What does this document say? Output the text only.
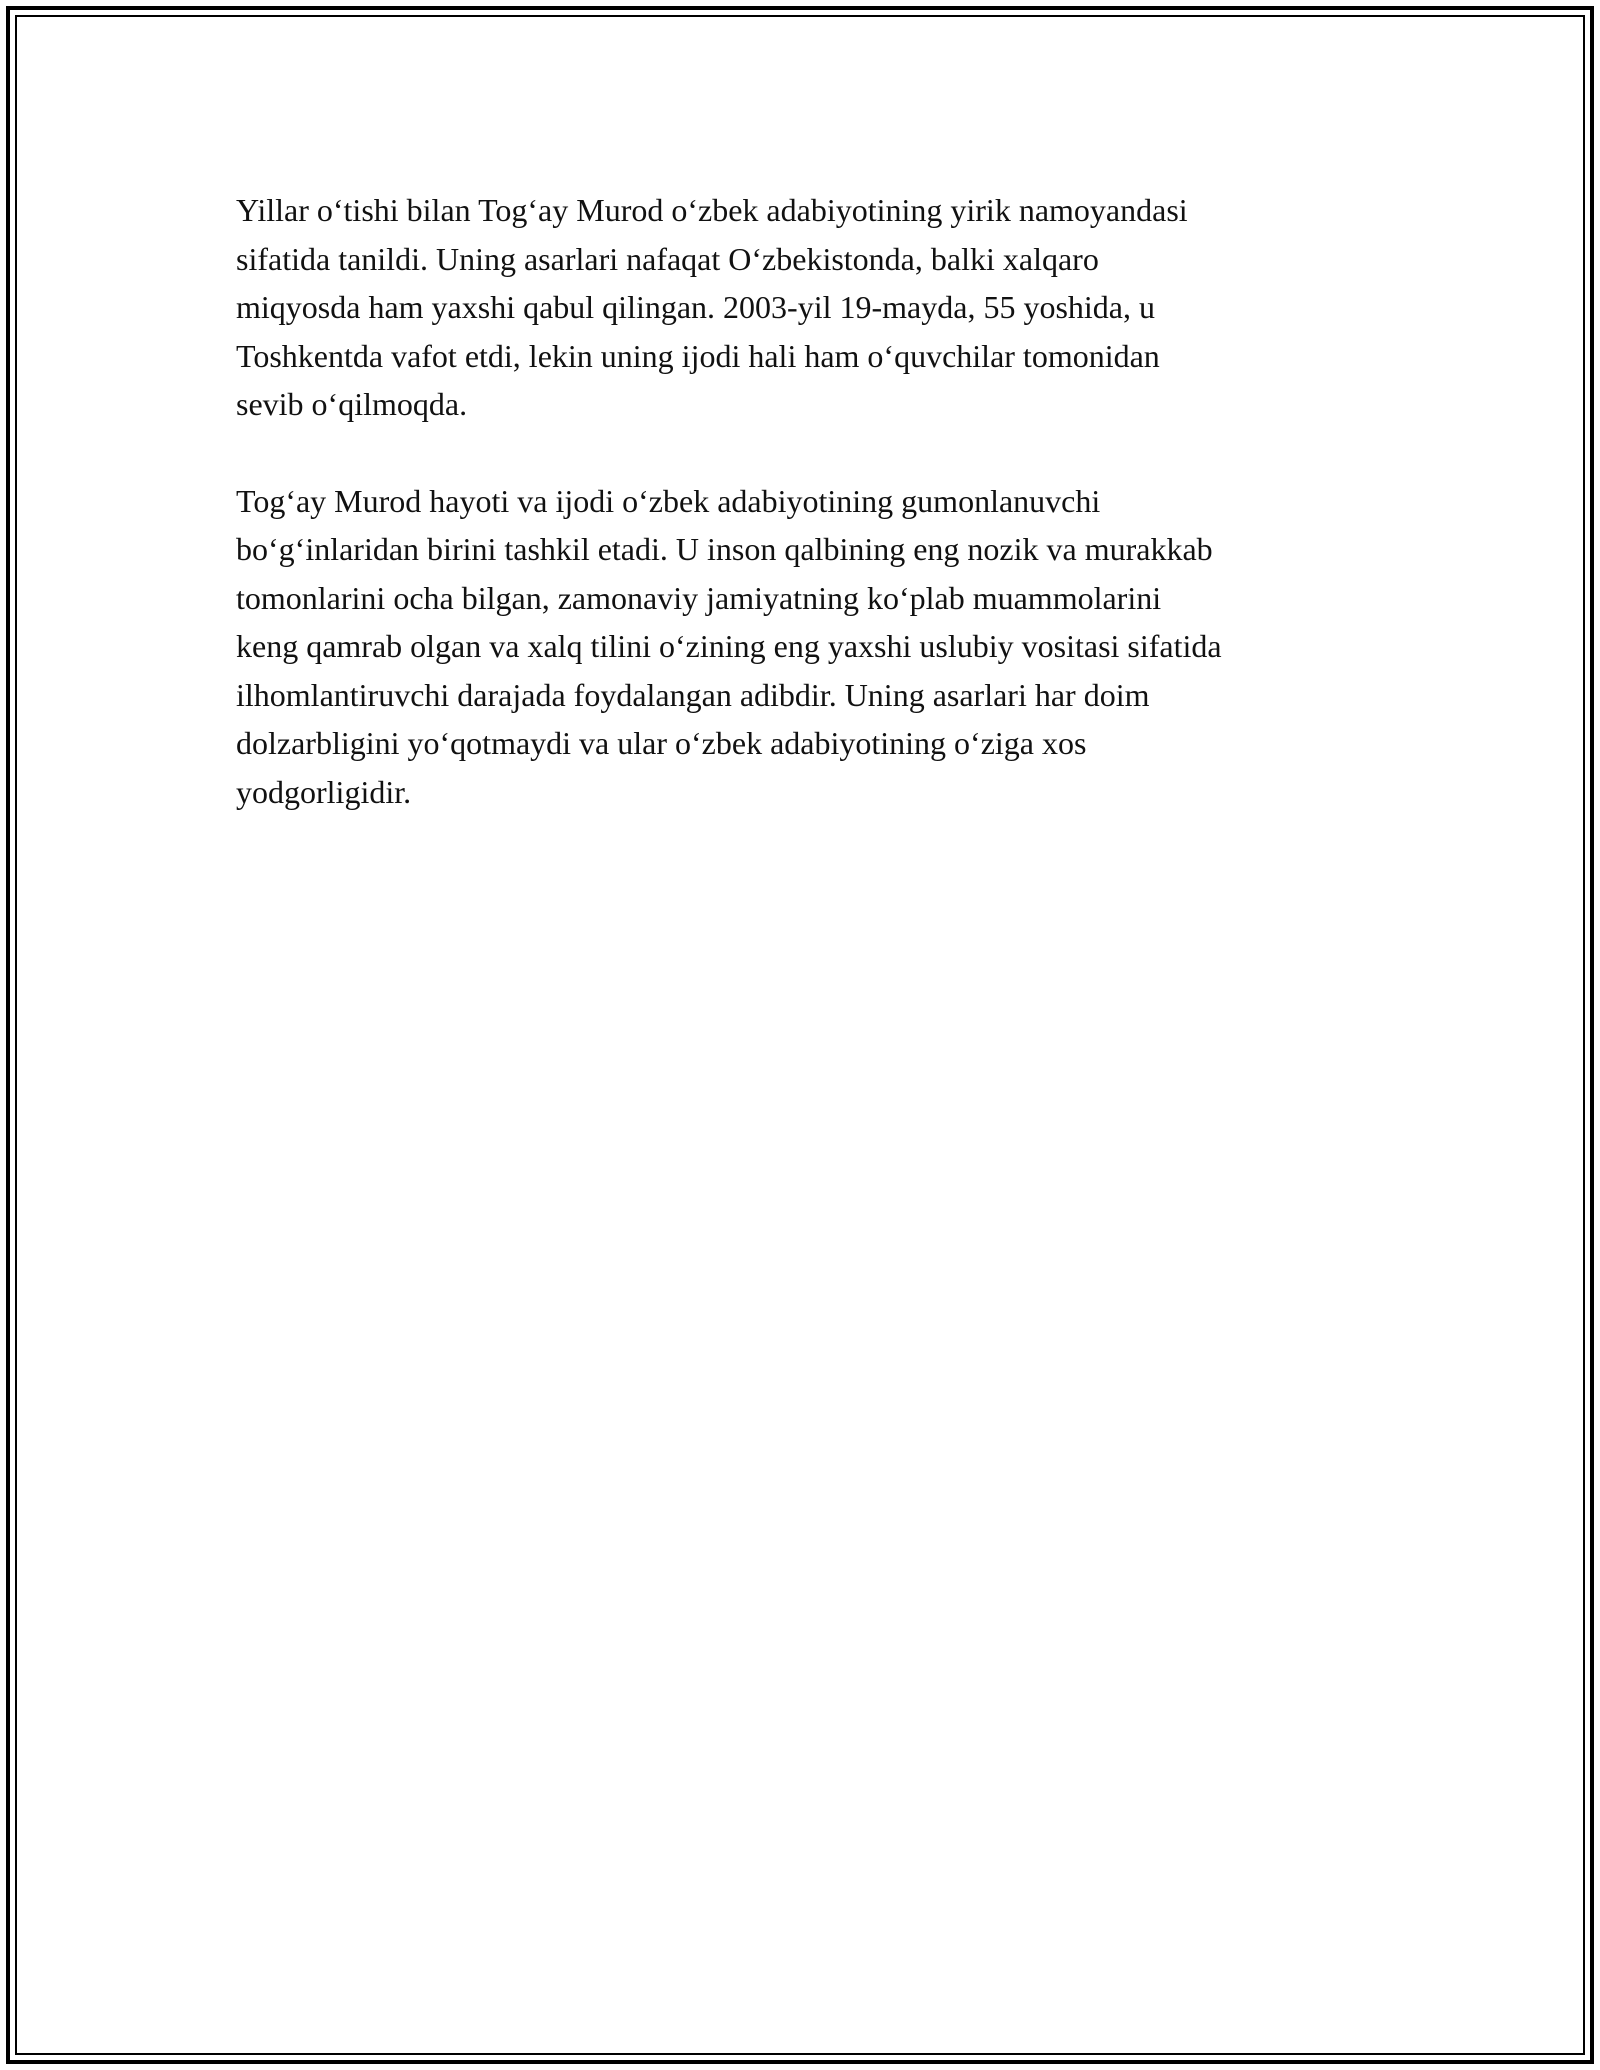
Yillar o‘tishi bilan Tog‘ay Murod o‘zbek adabiyotining yirik namoyandasi
sifatida tanildi. Uning asarlari nafaqat O‘zbekistonda, balki xalqaro
miqyosda ham yaxshi qabul qilingan. 2003-yil 19-mayda, 55 yoshida, u
Toshkentda vafot etdi, lekin uning ijodi hali ham o‘quvchilar tomonidan
sevib o‘qilmoqda.

Tog‘ay Murod hayoti va ijodi o‘zbek adabiyotining gumonlanuvchi
bo‘g‘inlaridan birini tashkil etadi. U inson qalbining eng nozik va murakkab
tomonlarini ocha bilgan, zamonaviy jamiyatning ko‘plab muammolarini
keng qamrab olgan va xalq tilini o‘zining eng yaxshi uslubiy vositasi sifatida
ilhomlantiruvchi darajada foydalangan adibdir. Uning asarlari har doim
dolzarbligini yo‘qotmaydi va ular o‘zbek adabiyotining o‘ziga xos
yodgorligidir.
